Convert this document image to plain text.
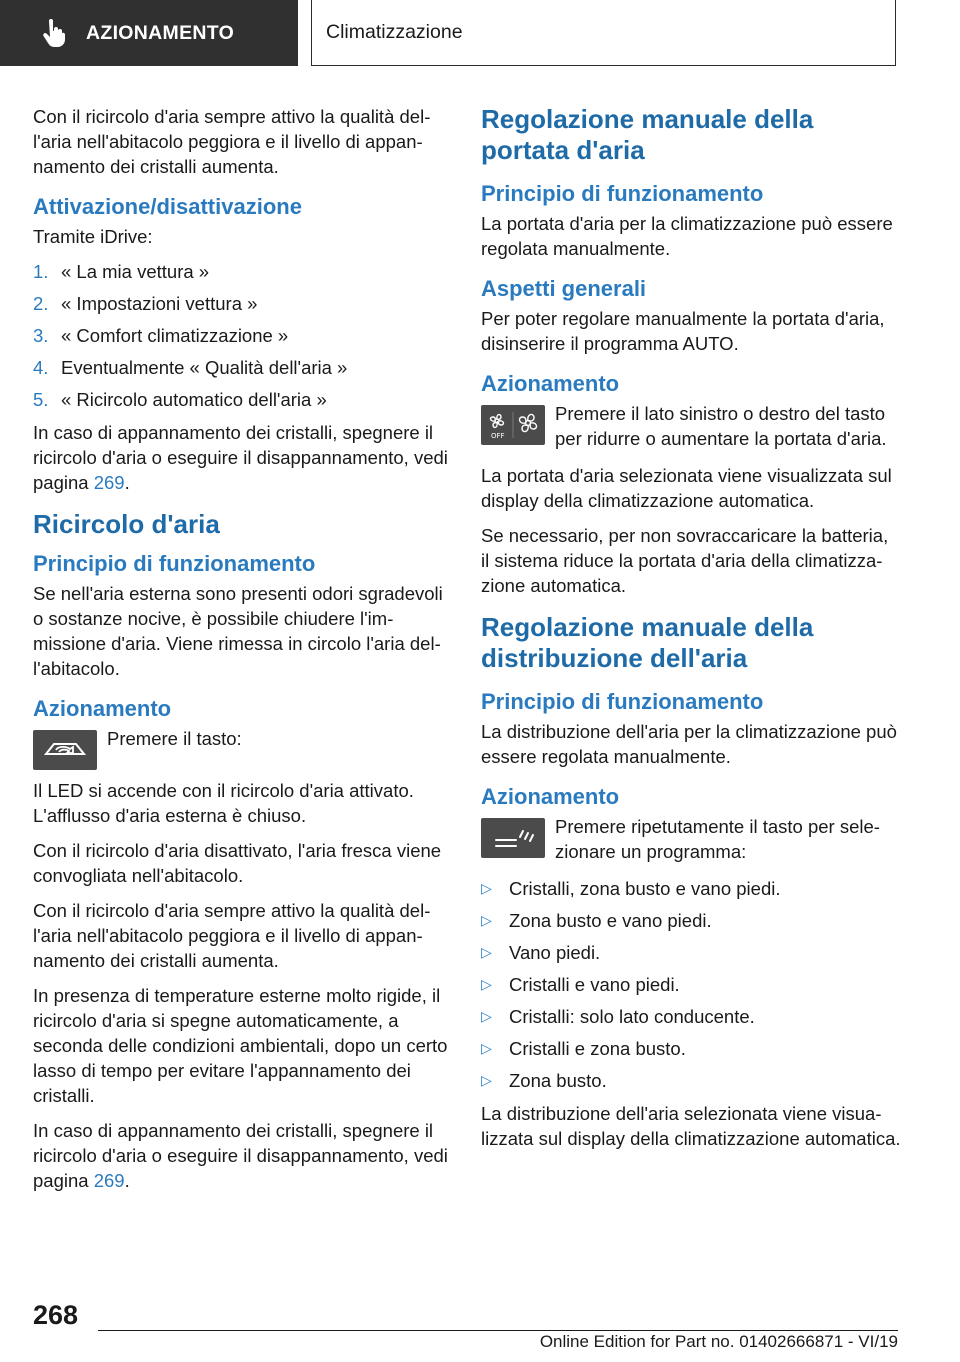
AZIONAMENTO	Climatizzazione

Con il ricircolo d'aria sempre attivo la qualità dell'aria nell'abitacolo peggiora e il livello di appannamento dei cristalli aumenta.

Attivazione/disattivazione

Tramite iDrive:

1. « La mia vettura »
2. « Impostazioni vettura »
3. « Comfort climatizzazione »
4. Eventualmente « Qualità dell'aria »
5. « Ricircolo automatico dell'aria »

In caso di appannamento dei cristalli, spegnere il ricircolo d'aria o eseguire il disappannamento, vedi pagina 269.

Ricircolo d'aria
Principio di funzionamento

Se nell'aria esterna sono presenti odori sgradevoli o sostanze nocive, è possibile chiudere l'immissione d'aria. Viene rimessa in circolo l'aria dell'abitacolo.

Azionamento

Premere il tasto:

Il LED si accende con il ricircolo d'aria attivato. L'afflusso d'aria esterna è chiuso.

Con il ricircolo d'aria disattivato, l'aria fresca viene convogliata nell'abitacolo.

Con il ricircolo d'aria sempre attivo la qualità dell'aria nell'abitacolo peggiora e il livello di appannamento dei cristalli aumenta.

In presenza di temperature esterne molto rigide, il ricircolo d'aria si spegne automaticamente, a seconda delle condizioni ambientali, dopo un certo lasso di tempo per evitare l'appannamento dei cristalli.

In caso di appannamento dei cristalli, spegnere il ricircolo d'aria o eseguire il disappannamento, vedi pagina 269.

Regolazione manuale della portata d'aria
Principio di funzionamento

La portata d'aria per la climatizzazione può essere regolata manualmente.

Aspetti generali

Per poter regolare manualmente la portata d'aria, disinserire il programma AUTO.

Azionamento
OFF

Premere il lato sinistro o destro del tasto per ridurre o aumentare la portata d'aria.

La portata d'aria selezionata viene visualizzata sul display della climatizzazione automatica.

Se necessario, per non sovraccaricare la batteria, il sistema riduce la portata d'aria della climatizzazione automatica.

Regolazione manuale della distribuzione dell'aria
Principio di funzionamento

La distribuzione dell'aria per la climatizzazione può essere regolata manualmente.

Azionamento

Premere ripetutamente il tasto per selezionare un programma:

▷ Cristalli, zona busto e vano piedi.
▷ Zona busto e vano piedi.
▷ Vano piedi.
▷ Cristalli e vano piedi.
▷ Cristalli: solo lato conducente.
▷ Cristalli e zona busto.
▷ Zona busto.

La distribuzione dell'aria selezionata viene visualizzata sul display della climatizzazione automatica.

268
Online Edition for Part no. 01402666871 - VI/19
